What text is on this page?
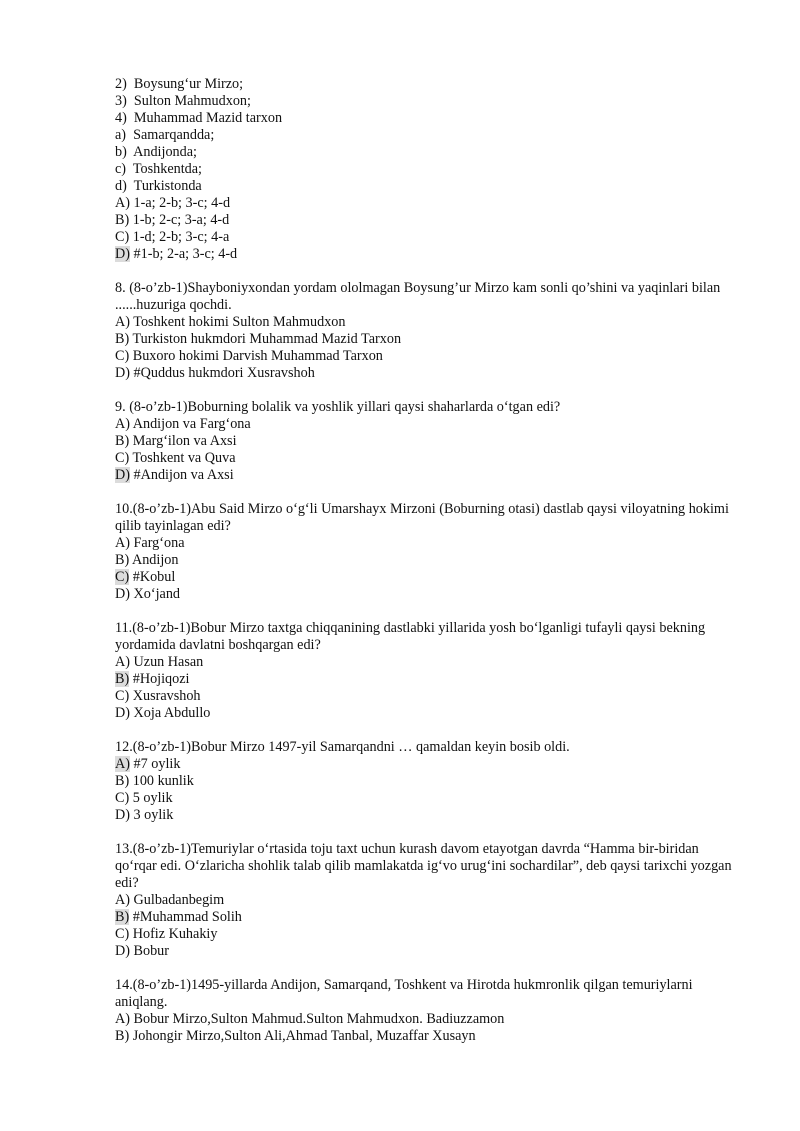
2)  Boysung‘ur Mirzo;
3)  Sulton Mahmudxon;
4)  Muhammad Mazid tarxon
a)  Samarqandda;
b)  Andijonda;
c)  Toshkentda;
d)  Turkistonda
A) 1-a; 2-b; 3-c; 4-d
B) 1-b; 2-c; 3-a; 4-d
C) 1-d; 2-b; 3-c; 4-a
D) #1-b; 2-a; 3-c; 4-d
8. (8-o’zb-1)Shayboniyxondan yordam ololmagan Boysung’ur Mirzo kam sonli qo’shini va yaqinlari bilan ......huzuriga qochdi.
A) Toshkent hokimi Sulton Mahmudxon
B) Turkiston hukmdori Muhammad Mazid Tarxon
C) Buxoro hokimi Darvish Muhammad Tarxon
D) #Quddus hukmdori Xusravshoh
9. (8-o’zb-1)Boburning bolalik va yoshlik yillari qaysi shaharlarda o‘tgan edi?
A) Andijon va Farg‘ona
B) Marg‘ilon va Axsi
C) Toshkent va Quva
D) #Andijon va Axsi
10.(8-o’zb-1)Abu Said Mirzo o‘g‘li Umarshayx Mirzoni (Boburning otasi) dastlab qaysi viloyatning hokimi qilib tayinlagan edi?
A) Farg‘ona
B) Andijon
C) #Kobul
D) Xo‘jand
11.(8-o’zb-1)Bobur Mirzo taxtga chiqqanining dastlabki yillarida yosh bo‘lganligi tufayli qaysi bekning yordamida davlatni boshqargan edi?
A) Uzun Hasan
B) #Hojiqozi
C) Xusravshoh
D) Xoja Abdullo
12.(8-o’zb-1)Bobur Mirzo 1497-yil Samarqandni … qamaldan keyin bosib oldi.
A) #7 oylik
B) 100 kunlik
C) 5 oylik
D) 3 oylik
13.(8-o’zb-1)Temuriylar o‘rtasida toju taxt uchun kurash davom etayotgan davrda “Hamma bir-biridan qo‘rqar edi. O‘zlaricha shohlik talab qilib mamlakatda ig‘vo urug‘ini sochardilar”, deb qaysi tarixchi yozgan edi?
A) Gulbadanbegim
B) #Muhammad Solih
C) Hofiz Kuhakiy
D) Bobur
14.(8-o’zb-1)1495-yillarda Andijon, Samarqand, Toshkent va Hirotda hukmronlik qilgan temuriylarni aniqlang.
A) Bobur Mirzo,Sulton Mahmud.Sulton Mahmudxon. Badiuzzamon
B) Johongir Mirzo,Sulton Ali,Ahmad Tanbal, Muzaffar Xusayn
